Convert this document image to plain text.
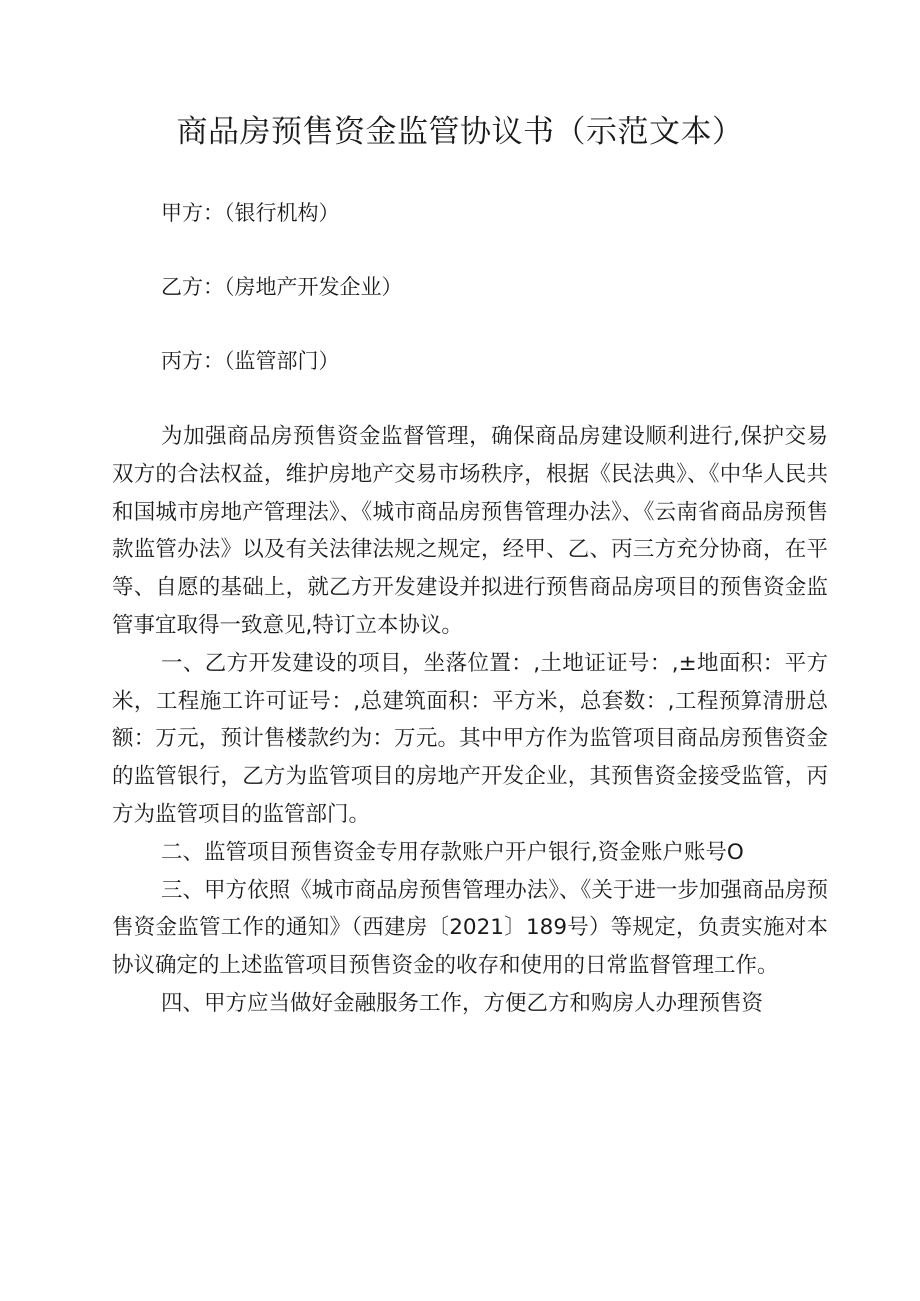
商品房预售资金监管协议书（示范文本）

甲方：（银行机构）

乙方：（房地产开发企业）

丙方：（监管部门）

为加强商品房预售资金监督管理，确保商品房建设顺利进行,保护交易双方的合法权益，维护房地产交易市场秩序，根据《民法典》、《中华人民共和国城市房地产管理法》、《城市商品房预售管理办法》、《云南省商品房预售款监管办法》以及有关法律法规之规定，经甲、乙、丙三方充分协商，在平等、自愿的基础上，就乙方开发建设并拟进行预售商品房项目的预售资金监管事宜取得一致意见,特订立本协议。

一、乙方开发建设的项目，坐落位置：,土地证证号：,±地面积：平方米，工程施工许可证号：,总建筑面积：平方米，总套数：,工程预算清册总额：万元，预计售楼款约为：万元。其中甲方作为监管项目商品房预售资金的监管银行，乙方为监管项目的房地产开发企业，其预售资金接受监管，丙方为监管项目的监管部门。

二、监管项目预售资金专用存款账户开户银行,资金账户账号O

三、甲方依照《城市商品房预售管理办法》、《关于进一步加强商品房预售资金监管工作的通知》（西建房〔2021〕189号）等规定，负责实施对本协议确定的上述监管项目预售资金的收存和使用的日常监督管理工作。

四、甲方应当做好金融服务工作，方便乙方和购房人办理预售资
